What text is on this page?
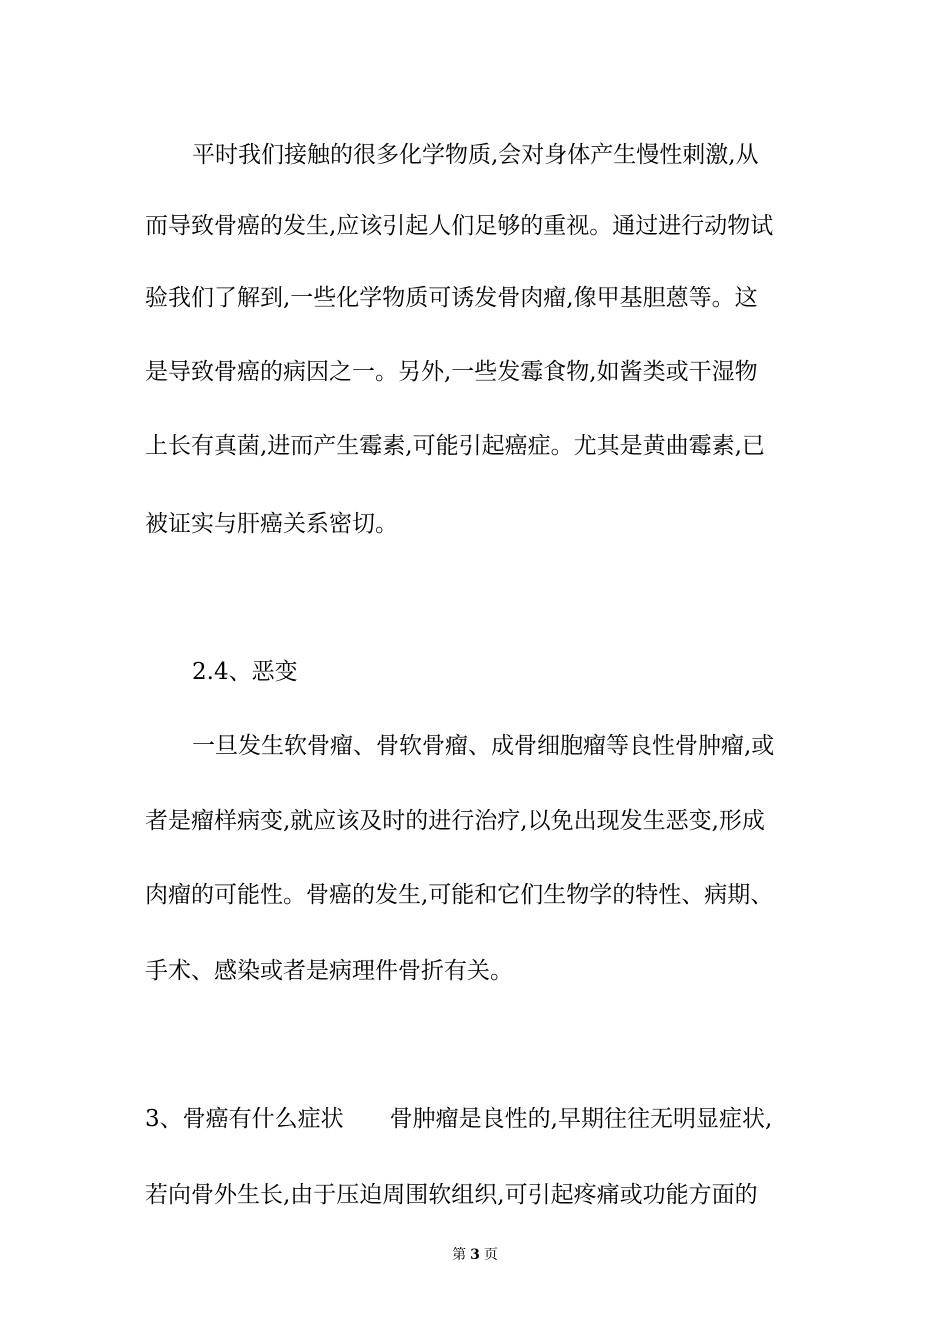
平时我们接触的很多化学物质,会对身体产生慢性刺激,从
而导致骨癌的发生,应该引起人们足够的重视。通过进行动物试
验我们了解到,一些化学物质可诱发骨肉瘤,像甲基胆蒽等。这
是导致骨癌的病因之一。另外,一些发霉食物,如酱类或干湿物
上长有真菌,进而产生霉素,可能引起癌症。尤其是黄曲霉素,已
被证实与肝癌关系密切。
2.4、恶变
一旦发生软骨瘤、骨软骨瘤、成骨细胞瘤等良性骨肿瘤,或
者是瘤样病变,就应该及时的进行治疗,以免出现发生恶变,形成
肉瘤的可能性。骨癌的发生,可能和它们生物学的特性、病期、
手术、感染或者是病理件骨折有关。
3、骨癌有什么症状 骨肿瘤是良性的,早期往往无明显症状,
若向骨外生长,由于压迫周围软组织,可引起疼痛或功能方面的
第 3 页
